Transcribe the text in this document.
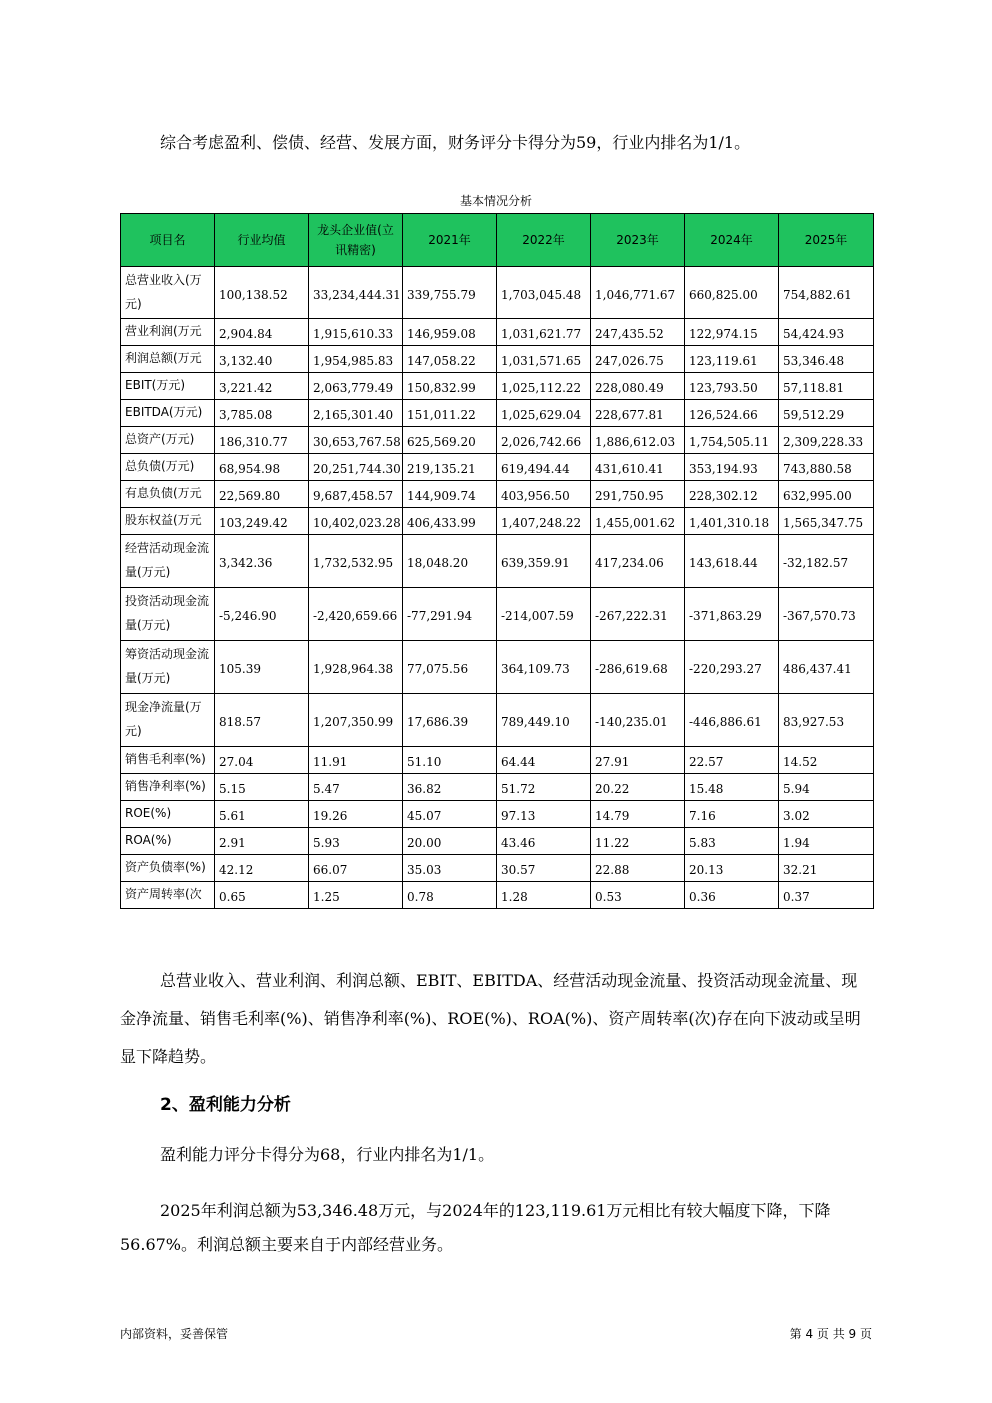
综合考虑盈利、偿债、经营、发展方面，财务评分卡得分为59，行业内排名为1/1。

基本情况分析
项目名	行业均值	龙头企业值(立讯精密)	2021年	2022年	2023年	2024年	2025年
总营业收入(万元)	100,138.52	33,234,444.31	339,755.79	1,703,045.48	1,046,771.67	660,825.00	754,882.61
营业利润(万元	2,904.84	1,915,610.33	146,959.08	1,031,621.77	247,435.52	122,974.15	54,424.93
利润总额(万元	3,132.40	1,954,985.83	147,058.22	1,031,571.65	247,026.75	123,119.61	53,346.48
EBIT(万元)	3,221.42	2,063,779.49	150,832.99	1,025,112.22	228,080.49	123,793.50	57,118.81
EBITDA(万元)	3,785.08	2,165,301.40	151,011.22	1,025,629.04	228,677.81	126,524.66	59,512.29
总资产(万元)	186,310.77	30,653,767.58	625,569.20	2,026,742.66	1,886,612.03	1,754,505.11	2,309,228.33
总负债(万元)	68,954.98	20,251,744.30	219,135.21	619,494.44	431,610.41	353,194.93	743,880.58
有息负债(万元	22,569.80	9,687,458.57	144,909.74	403,956.50	291,750.95	228,302.12	632,995.00
股东权益(万元	103,249.42	10,402,023.28	406,433.99	1,407,248.22	1,455,001.62	1,401,310.18	1,565,347.75
经营活动现金流量(万元)	3,342.36	1,732,532.95	18,048.20	639,359.91	417,234.06	143,618.44	-32,182.57
投资活动现金流量(万元)	-5,246.90	-2,420,659.66	-77,291.94	-214,007.59	-267,222.31	-371,863.29	-367,570.73
筹资活动现金流量(万元)	105.39	1,928,964.38	77,075.56	364,109.73	-286,619.68	-220,293.27	486,437.41
现金净流量(万元)	818.57	1,207,350.99	17,686.39	789,449.10	-140,235.01	-446,886.61	83,927.53
销售毛利率(%)	27.04	11.91	51.10	64.44	27.91	22.57	14.52
销售净利率(%)	5.15	5.47	36.82	51.72	20.22	15.48	5.94
ROE(%)	5.61	19.26	45.07	97.13	14.79	7.16	3.02
ROA(%)	2.91	5.93	20.00	43.46	11.22	5.83	1.94
资产负债率(%)	42.12	66.07	35.03	30.57	22.88	20.13	32.21
资产周转率(次	0.65	1.25	0.78	1.28	0.53	0.36	0.37

总营业收入、营业利润、利润总额、EBIT、EBITDA、经营活动现金流量、投资活动现金流量、现金净流量、销售毛利率(%)、销售净利率(%)、ROE(%)、ROA(%)、资产周转率(次)存在向下波动或呈明显下降趋势。

2、盈利能力分析

盈利能力评分卡得分为68，行业内排名为1/1。

2025年利润总额为53,346.48万元，与2024年的123,119.61万元相比有较大幅度下降，下降56.67%。利润总额主要来自于内部经营业务。

内部资料，妥善保管	第 4 页 共 9 页
